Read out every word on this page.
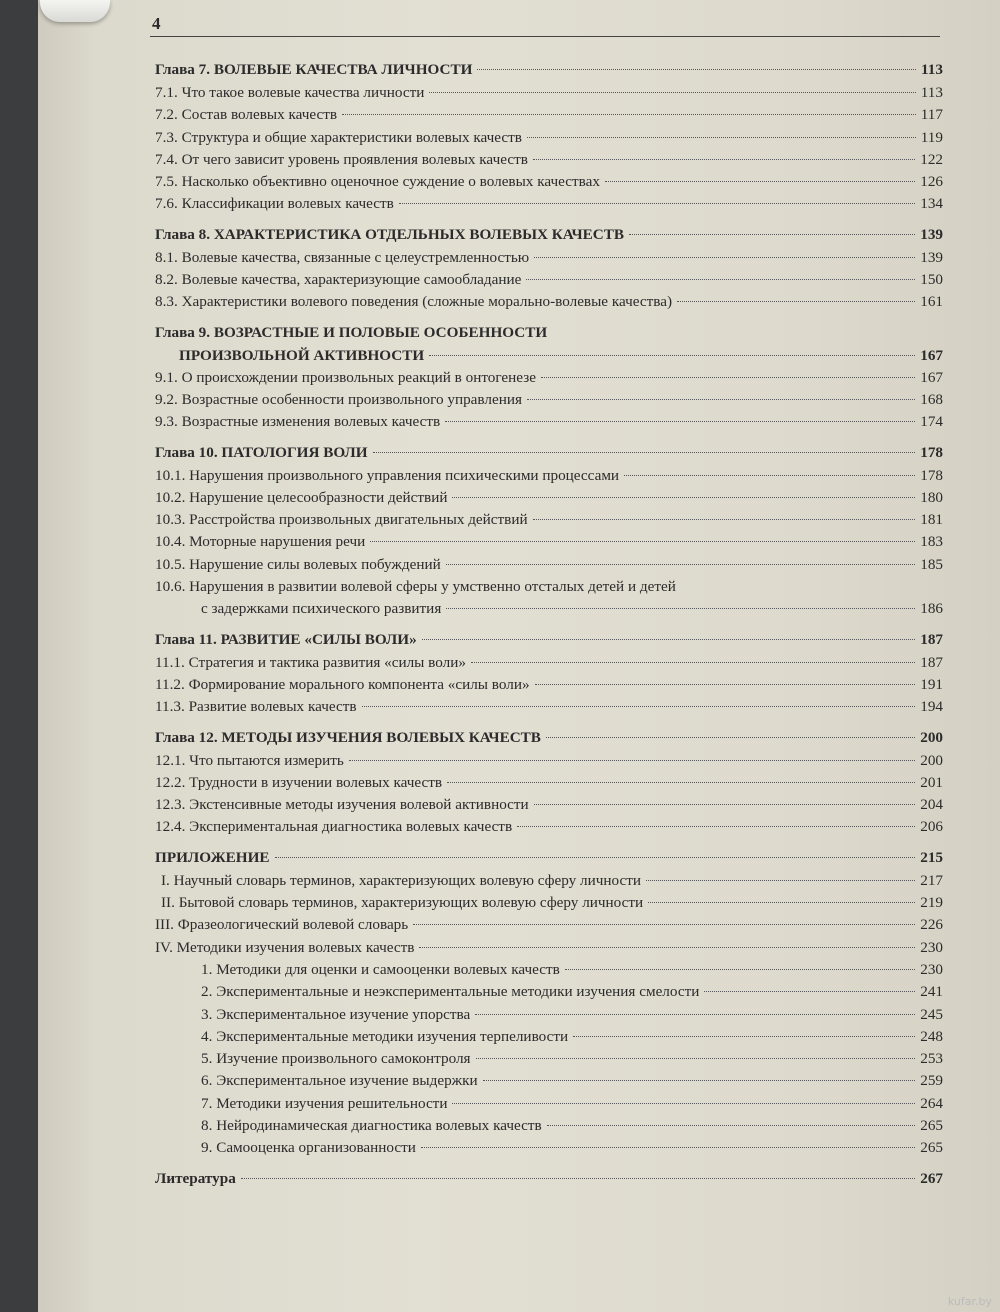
4
Глава 7. ВОЛЕВЫЕ КАЧЕСТВА ЛИЧНОСТИ	113
7.1. Что такое волевые качества личности	113
7.2. Состав волевых качеств	117
7.3. Структура и общие характеристики волевых качеств	119
7.4. От чего зависит уровень проявления волевых качеств	122
7.5. Насколько объективно оценочное суждение о волевых качествах	126
7.6. Классификации волевых качеств	134
Глава 8. ХАРАКТЕРИСТИКА ОТДЕЛЬНЫХ ВОЛЕВЫХ КАЧЕСТВ	139
8.1. Волевые качества, связанные с целеустремленностью	139
8.2. Волевые качества, характеризующие самообладание	150
8.3. Характеристики волевого поведения (сложные морально-волевые качества)	161
Глава 9. ВОЗРАСТНЫЕ И ПОЛОВЫЕ ОСОБЕННОСТИ
ПРОИЗВОЛЬНОЙ АКТИВНОСТИ	167
9.1. О происхождении произвольных реакций в онтогенезе	167
9.2. Возрастные особенности произвольного управления	168
9.3. Возрастные изменения волевых качеств	174
Глава 10. ПАТОЛОГИЯ ВОЛИ	178
10.1. Нарушения произвольного управления психическими процессами	178
10.2. Нарушение целесообразности действий	180
10.3. Расстройства произвольных двигательных действий	181
10.4. Моторные нарушения речи	183
10.5. Нарушение силы волевых побуждений	185
10.6. Нарушения в развитии волевой сферы у умственно отсталых детей и детей
с задержками психического развития	186
Глава 11. РАЗВИТИЕ «СИЛЫ ВОЛИ»	187
11.1. Стратегия и тактика развития «силы воли»	187
11.2. Формирование морального компонента «силы воли»	191
11.3. Развитие волевых качеств	194
Глава 12. МЕТОДЫ ИЗУЧЕНИЯ ВОЛЕВЫХ КАЧЕСТВ	200
12.1. Что пытаются измерить	200
12.2. Трудности в изучении волевых качеств	201
12.3. Экстенсивные методы изучения волевой активности	204
12.4. Экспериментальная диагностика волевых качеств	206
ПРИЛОЖЕНИЕ	215
I. Научный словарь терминов, характеризующих волевую сферу личности	217
II. Бытовой словарь терминов, характеризующих волевую сферу личности	219
III. Фразеологический волевой словарь	226
IV. Методики изучения волевых качеств	230
1. Методики для оценки и самооценки волевых качеств	230
2. Экспериментальные и неэкспериментальные методики изучения смелости	241
3. Экспериментальное изучение упорства	245
4. Экспериментальные методики изучения терпеливости	248
5. Изучение произвольного самоконтроля	253
6. Экспериментальное изучение выдержки	259
7. Методики изучения решительности	264
8. Нейродинамическая диагностика волевых качеств	265
9. Самооценка организованности	265
Литература	267
kufar.by
